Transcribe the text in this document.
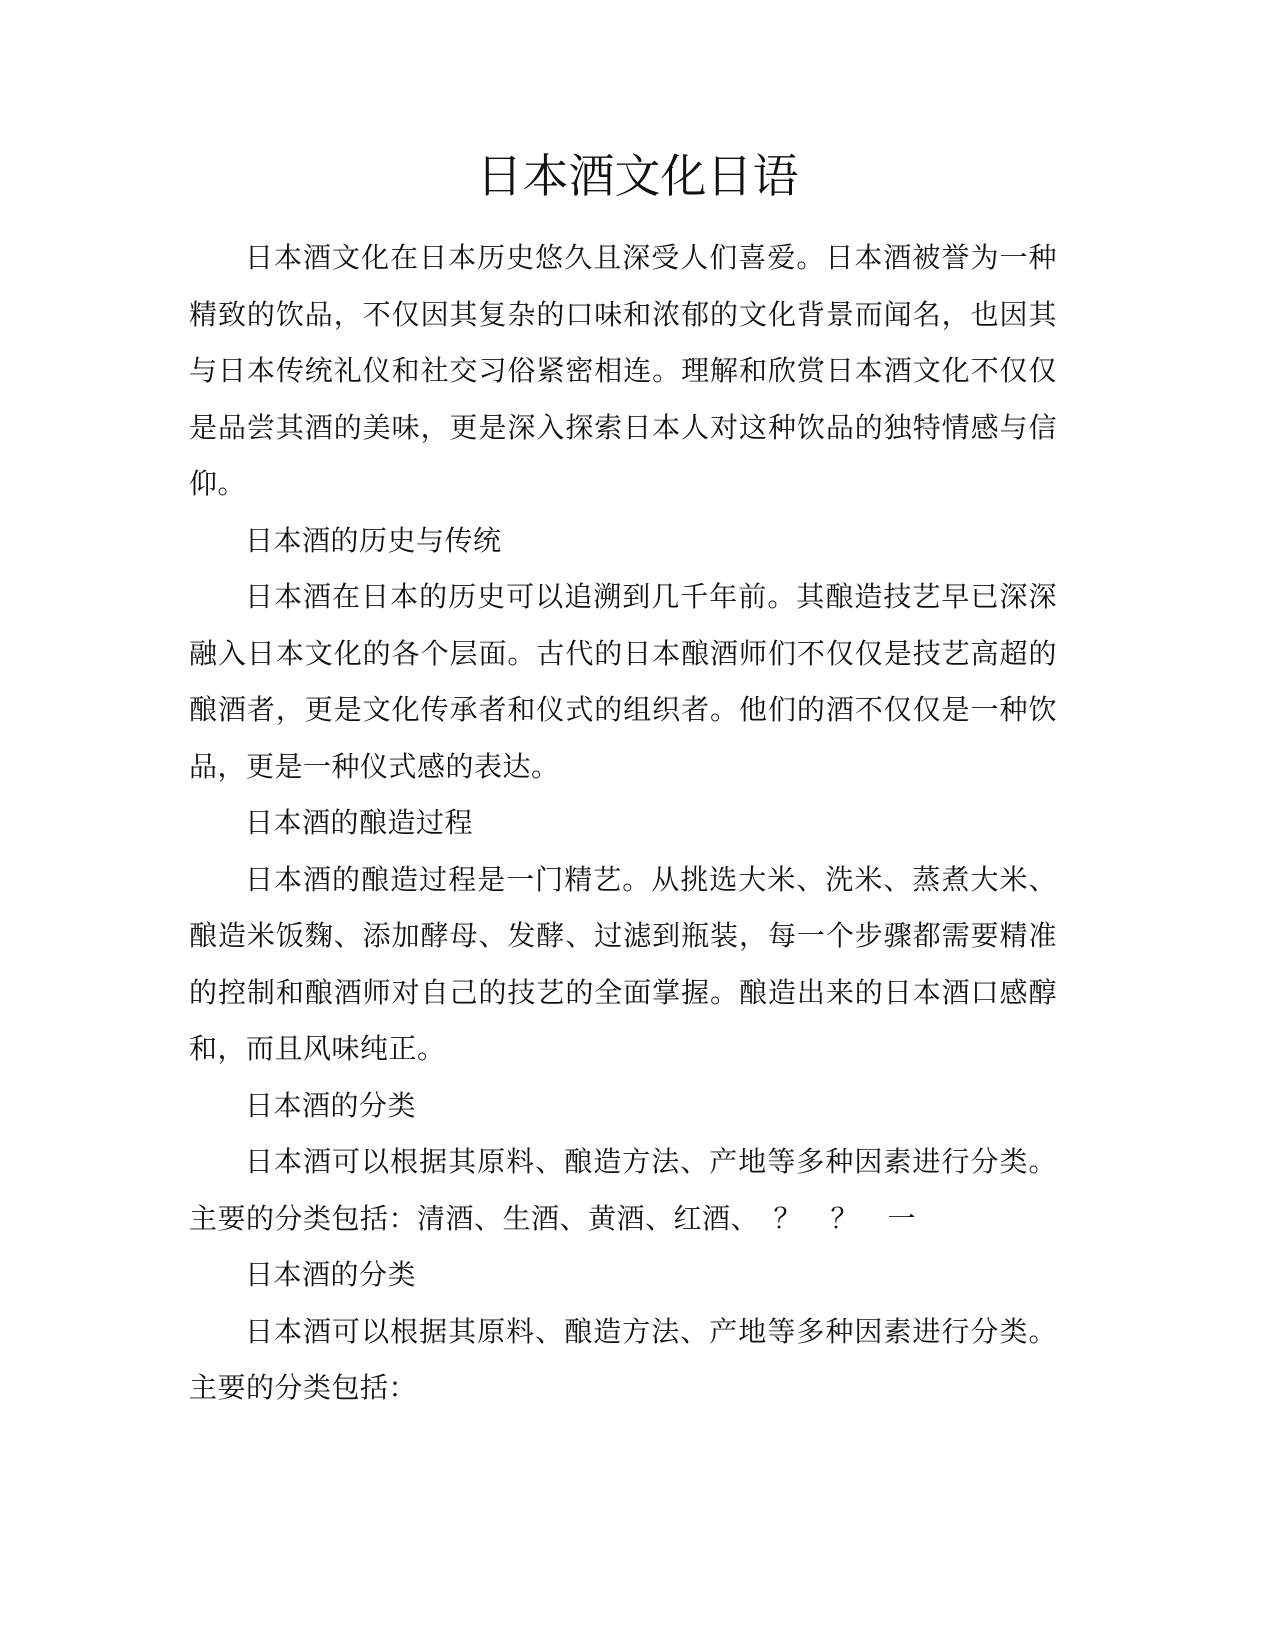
日本酒文化日语

日本酒文化在日本历史悠久且深受人们喜爱。日本酒被誉为一种精致的饮品，不仅因其复杂的口味和浓郁的文化背景而闻名，也因其与日本传统礼仪和社交习俗紧密相连。理解和欣赏日本酒文化不仅仅是品尝其酒的美味，更是深入探索日本人对这种饮品的独特情感与信仰。

日本酒的历史与传统

日本酒在日本的历史可以追溯到几千年前。其酿造技艺早已深深融入日本文化的各个层面。古代的日本酿酒师们不仅仅是技艺高超的酿酒者，更是文化传承者和仪式的组织者。他们的酒不仅仅是一种饮品，更是一种仪式感的表达。

日本酒的酿造过程

日本酒的酿造过程是一门精艺。从挑选大米、洗米、蒸煮大米、酿造米饭麴、添加酵母、发酵、过滤到瓶装，每一个步骤都需要精准的控制和酿酒师对自己的技艺的全面掌握。酿造出来的日本酒口感醇和，而且风味纯正。

日本酒的分类

日本酒可以根据其原料、酿造方法、产地等多种因素进行分类。主要的分类包括：清酒、生酒、黄酒、红酒、　？　？　一

日本酒的分类

日本酒可以根据其原料、酿造方法、产地等多种因素进行分类。主要的分类包括：
